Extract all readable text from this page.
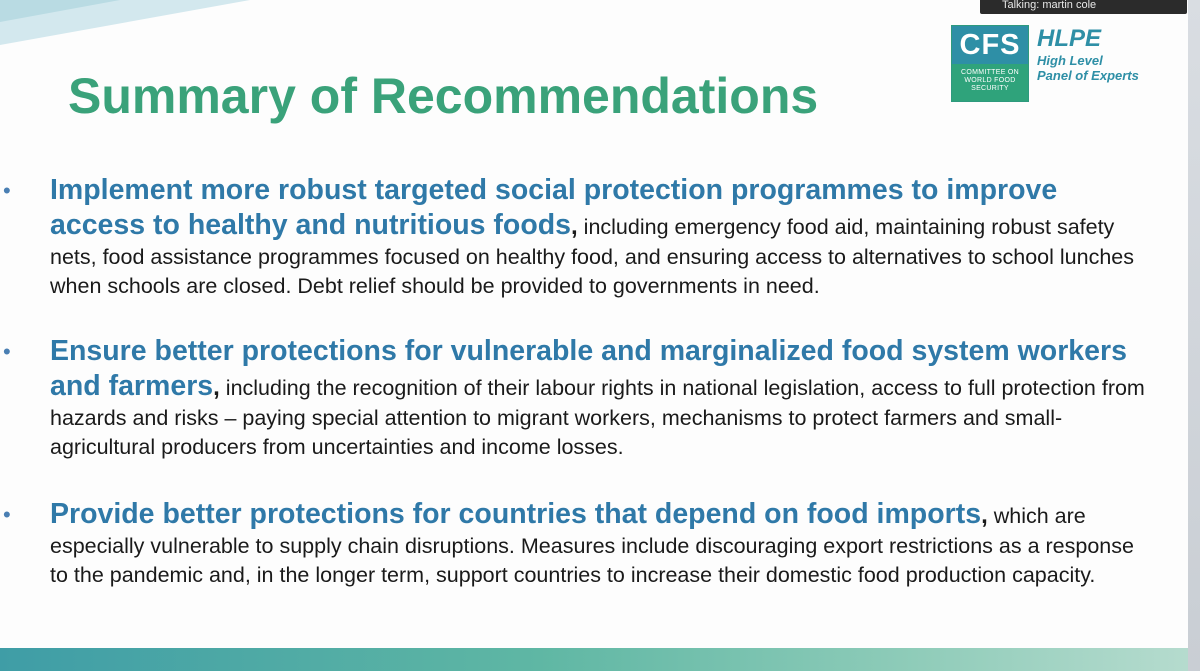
Talking: martin cole
CFS
COMMITTEE ON
WORLD FOOD
SECURITY
HLPE
High Level
Panel of Experts
Summary of Recommendations
• Implement more robust targeted social protection programmes to improve access to healthy and nutritious foods, including emergency food aid, maintaining robust safety nets, food assistance programmes focused on healthy food, and ensuring access to alternatives to school lunches when schools are closed. Debt relief should be provided to governments in need.
• Ensure better protections for vulnerable and marginalized food system workers and farmers, including the recognition of their labour rights in national legislation, access to full protection from hazards and risks – paying special attention to migrant workers, mechanisms to protect farmers and small-agricultural producers from uncertainties and income losses.
• Provide better protections for countries that depend on food imports, which are especially vulnerable to supply chain disruptions. Measures include discouraging export restrictions as a response to the pandemic and, in the longer term, support countries to increase their domestic food production capacity.
